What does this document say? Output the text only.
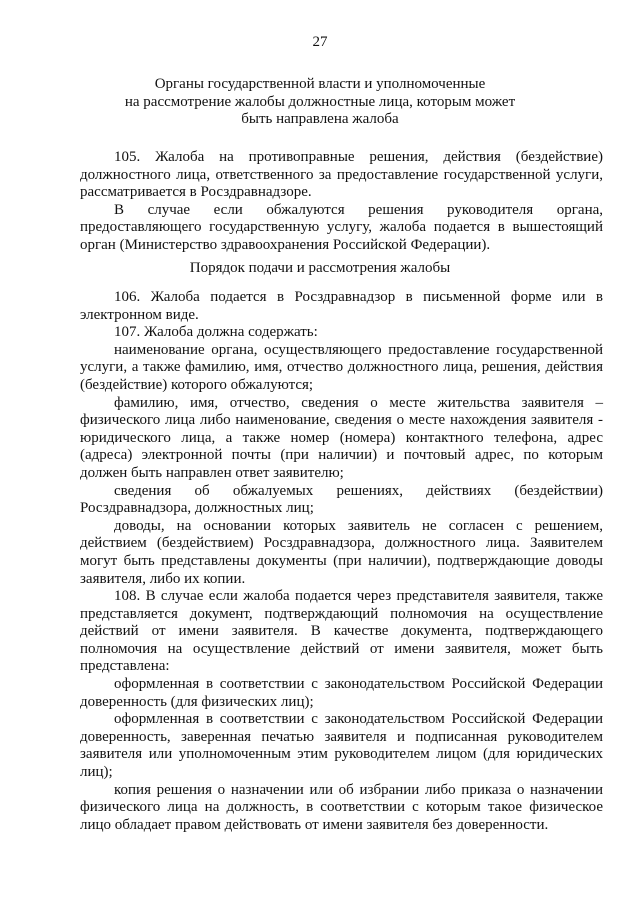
27
Органы государственной власти и уполномоченные
на рассмотрение жалобы должностные лица, которым может
быть направлена жалоба

105. Жалоба на противоправные решения, действия (бездействие) должностного лица, ответственного за предоставление государственной услуги, рассматривается в Росздравнадзоре.

В случае если обжалуются решения руководителя органа, предоставляющего государственную услугу, жалоба подается в вышестоящий орган (Министерство здравоохранения Российской Федерации).

Порядок подачи и рассмотрения жалобы

106. Жалоба подается в Росздравнадзор в письменной форме или в электронном виде.

107. Жалоба должна содержать:

наименование органа, осуществляющего предоставление государственной услуги, а также фамилию, имя, отчество должностного лица, решения, действия (бездействие) которого обжалуются;

фамилию, имя, отчество, сведения о месте жительства заявителя – физического лица либо наименование, сведения о месте нахождения заявителя - юридического лица, а также номер (номера) контактного телефона, адрес (адреса) электронной почты (при наличии) и почтовый адрес, по которым должен быть направлен ответ заявителю;

сведения об обжалуемых решениях, действиях (бездействии) Росздравнадзора, должностных лиц;

доводы, на основании которых заявитель не согласен с решением, действием (бездействием) Росздравнадзора, должностного лица. Заявителем могут быть представлены документы (при наличии), подтверждающие доводы заявителя, либо их копии.

108. В случае если жалоба подается через представителя заявителя, также представляется документ, подтверждающий полномочия на осуществление действий от имени заявителя. В качестве документа, подтверждающего полномочия на осуществление действий от имени заявителя, может быть представлена:

оформленная в соответствии с законодательством Российской Федерации доверенность (для физических лиц);

оформленная в соответствии с законодательством Российской Федерации доверенность, заверенная печатью заявителя и подписанная руководителем заявителя или уполномоченным этим руководителем лицом (для юридических лиц);

копия решения о назначении или об избрании либо приказа о назначении физического лица на должность, в соответствии с которым такое физическое лицо обладает правом действовать от имени заявителя без доверенности.
